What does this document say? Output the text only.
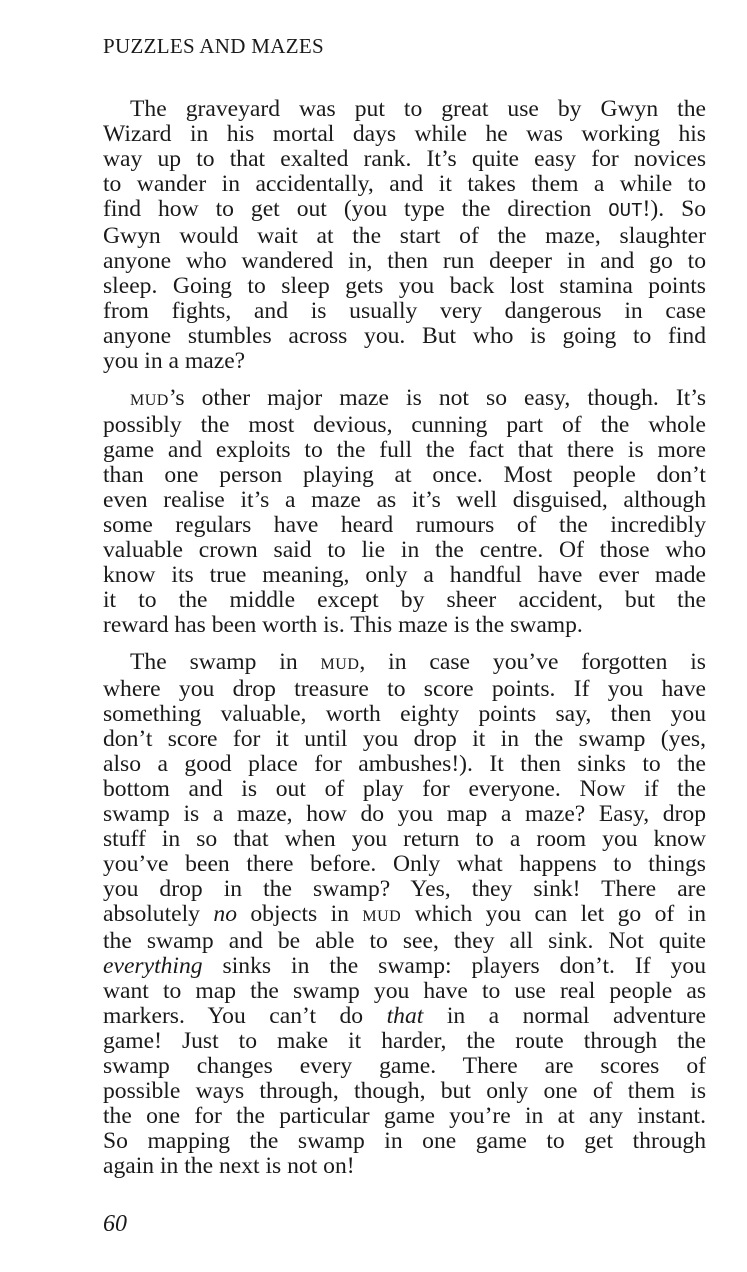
PUZZLES AND MAZES

The graveyard was put to great use by Gwyn the
Wizard in his mortal days while he was working his
way up to that exalted rank. It’s quite easy for novices
to wander in accidentally, and it takes them a while to
find how to get out (you type the direction OUT!). So
Gwyn would wait at the start of the maze, slaughter
anyone who wandered in, then run deeper in and go to
sleep. Going to sleep gets you back lost stamina points
from fights, and is usually very dangerous in case
anyone stumbles across you. But who is going to find
you in a maze?

MUD’s other major maze is not so easy, though. It’s
possibly the most devious, cunning part of the whole
game and exploits to the full the fact that there is more
than one person playing at once. Most people don’t
even realise it’s a maze as it’s well disguised, although
some regulars have heard rumours of the incredibly
valuable crown said to lie in the centre. Of those who
know its true meaning, only a handful have ever made
it to the middle except by sheer accident, but the
reward has been worth is. This maze is the swamp.

The swamp in MUD, in case you’ve forgotten is
where you drop treasure to score points. If you have
something valuable, worth eighty points say, then you
don’t score for it until you drop it in the swamp (yes,
also a good place for ambushes!). It then sinks to the
bottom and is out of play for everyone. Now if the
swamp is a maze, how do you map a maze? Easy, drop
stuff in so that when you return to a room you know
you’ve been there before. Only what happens to things
you drop in the swamp? Yes, they sink! There are
absolutely no objects in MUD which you can let go of in
the swamp and be able to see, they all sink. Not quite
everything sinks in the swamp: players don’t. If you
want to map the swamp you have to use real people as
markers. You can’t do that in a normal adventure
game! Just to make it harder, the route through the
swamp changes every game. There are scores of
possible ways through, though, but only one of them is
the one for the particular game you’re in at any instant.
So mapping the swamp in one game to get through
again in the next is not on!

60
